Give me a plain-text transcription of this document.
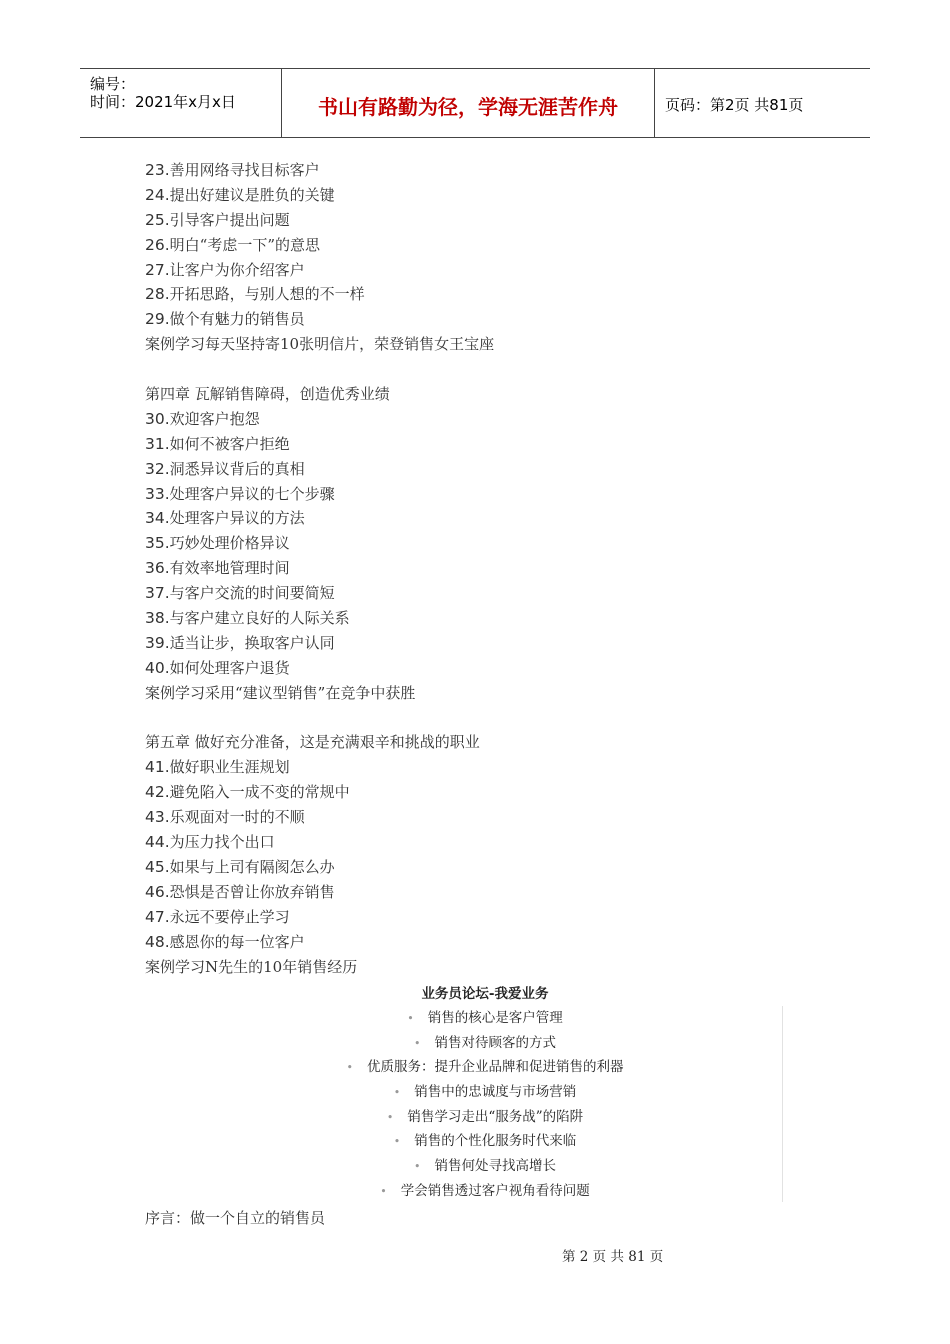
编号：
时间：2021年x月x日	书山有路勤为径，学海无涯苦作舟	页码：第2页 共81页
23.善用网络寻找目标客户
24.提出好建议是胜负的关键
25.引导客户提出问题
26.明白“考虑一下”的意思
27.让客户为你介绍客户
28.开拓思路，与别人想的不一样
29.做个有魅力的销售员
案例学习每天坚持寄10张明信片，荣登销售女王宝座
第四章 瓦解销售障碍，创造优秀业绩
30.欢迎客户抱怨
31.如何不被客户拒绝
32.洞悉异议背后的真相
33.处理客户异议的七个步骤
34.处理客户异议的方法
35.巧妙处理价格异议
36.有效率地管理时间
37.与客户交流的时间要简短
38.与客户建立良好的人际关系
39.适当让步，换取客户认同
40.如何处理客户退货
案例学习采用“建议型销售”在竞争中获胜
第五章 做好充分准备，这是充满艰辛和挑战的职业
41.做好职业生涯规划
42.避免陷入一成不变的常规中
43.乐观面对一时的不顺
44.为压力找个出口
45.如果与上司有隔阂怎么办
46.恐惧是否曾让你放弃销售
47.永远不要停止学习
48.感恩你的每一位客户
案例学习N先生的10年销售经历
业务员论坛-我爱业务
• 销售的核心是客户管理
• 销售对待顾客的方式
• 优质服务：提升企业品牌和促进销售的利器
• 销售中的忠诚度与市场营销
• 销售学习走出“服务战”的陷阱
• 销售的个性化服务时代来临
• 销售何处寻找高增长
• 学会销售透过客户视角看待问题
序言：做一个自立的销售员
第 2 页 共 81 页
